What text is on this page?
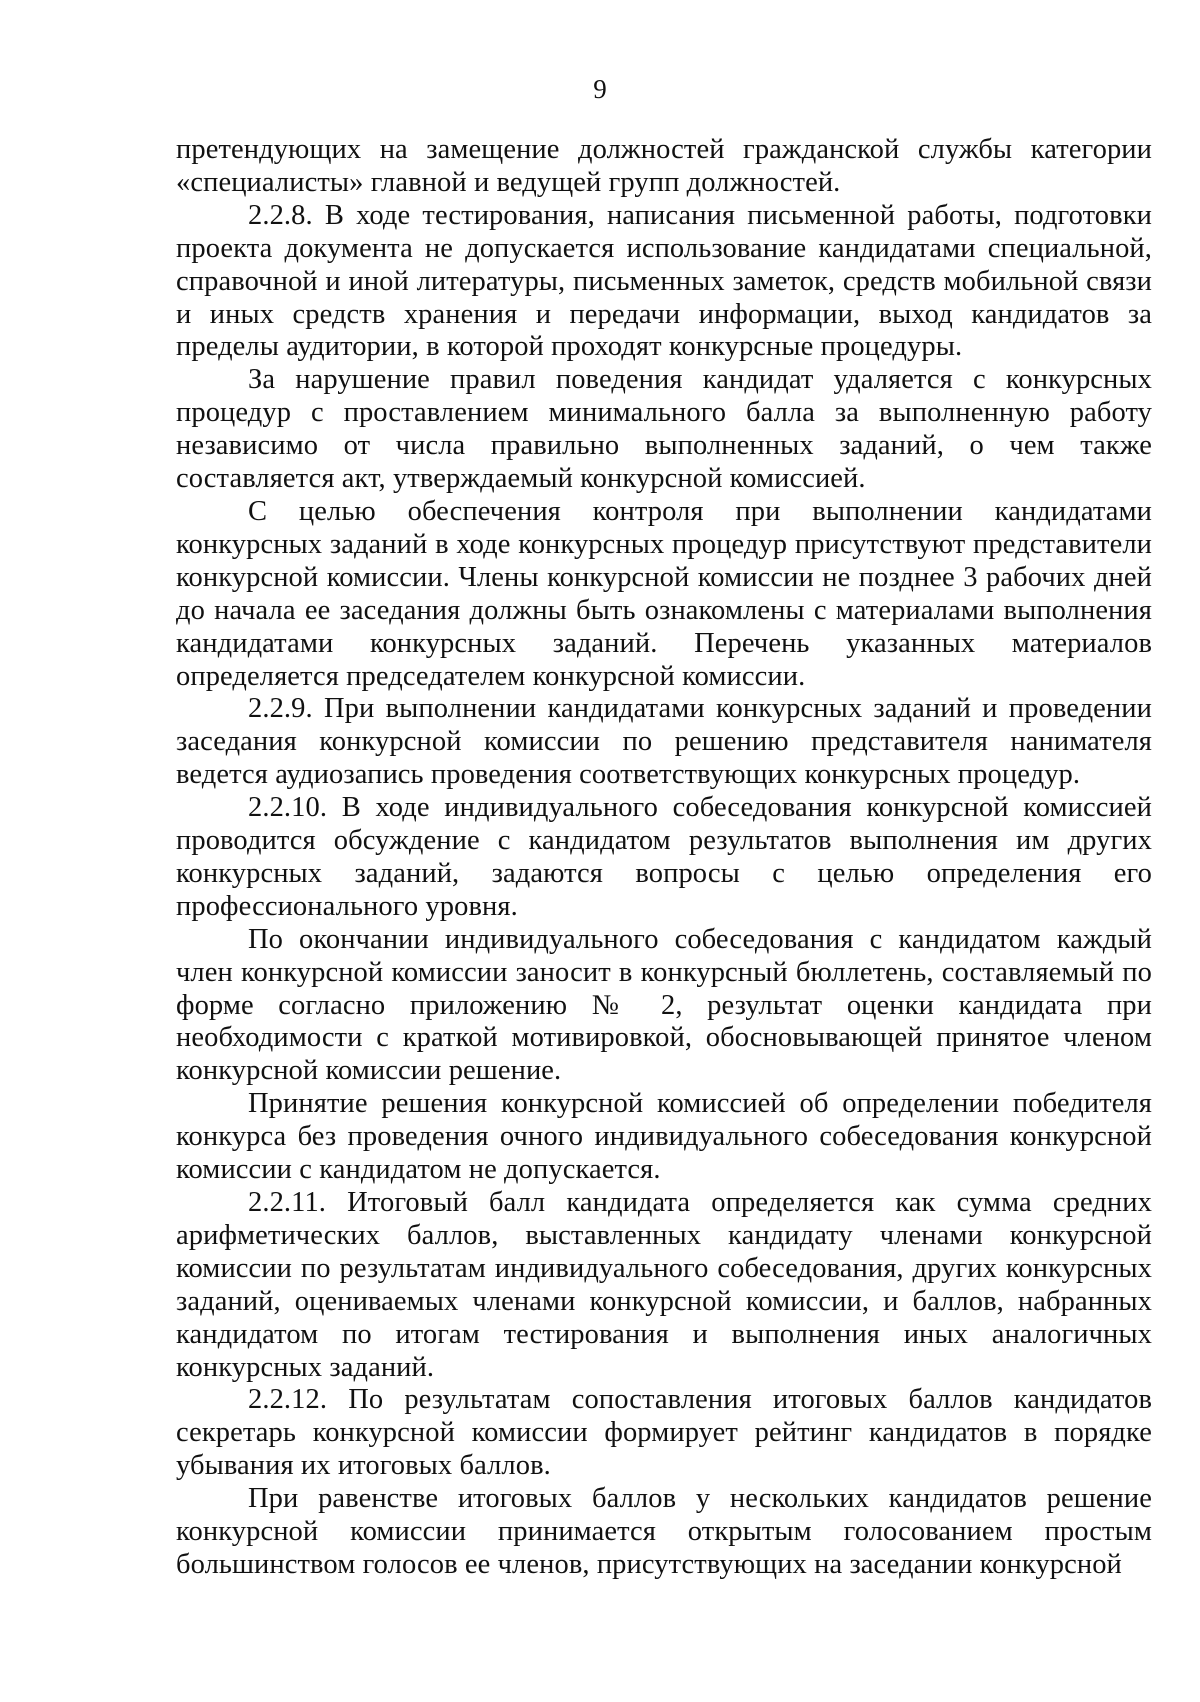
9

претендующих на замещение должностей гражданской службы категории «специалисты» главной и ведущей групп должностей.

2.2.8. В ходе тестирования, написания письменной работы, подготовки проекта документа не допускается использование кандидатами специальной, справочной и иной литературы, письменных заметок, средств мобильной связи и иных средств хранения и передачи информации, выход кандидатов за пределы аудитории, в которой проходят конкурсные процедуры.

За нарушение правил поведения кандидат удаляется с конкурсных процедур с проставлением минимального балла за выполненную работу независимо от числа правильно выполненных заданий, о чем также составляется акт, утверждаемый конкурсной комиссией.

С целью обеспечения контроля при выполнении кандидатами конкурсных заданий в ходе конкурсных процедур присутствуют представители конкурсной комиссии. Члены конкурсной комиссии не позднее 3 рабочих дней до начала ее заседания должны быть ознакомлены с материалами выполнения кандидатами конкурсных заданий. Перечень указанных материалов определяется председателем конкурсной комиссии.

2.2.9. При выполнении кандидатами конкурсных заданий и проведении заседания конкурсной комиссии по решению представителя нанимателя ведется аудиозапись проведения соответствующих конкурсных процедур.

2.2.10. В ходе индивидуального собеседования конкурсной комиссией проводится обсуждение с кандидатом результатов выполнения им других конкурсных заданий, задаются вопросы с целью определения его профессионального уровня.

По окончании индивидуального собеседования с кандидатом каждый член конкурсной комиссии заносит в конкурсный бюллетень, составляемый по форме согласно приложению № 2, результат оценки кандидата при необходимости с краткой мотивировкой, обосновывающей принятое членом конкурсной комиссии решение.

Принятие решения конкурсной комиссией об определении победителя конкурса без проведения очного индивидуального собеседования конкурсной комиссии с кандидатом не допускается.

2.2.11. Итоговый балл кандидата определяется как сумма средних арифметических баллов, выставленных кандидату членами конкурсной комиссии по результатам индивидуального собеседования, других конкурсных заданий, оцениваемых членами конкурсной комиссии, и баллов, набранных кандидатом по итогам тестирования и выполнения иных аналогичных конкурсных заданий.

2.2.12. По результатам сопоставления итоговых баллов кандидатов секретарь конкурсной комиссии формирует рейтинг кандидатов в порядке убывания их итоговых баллов.

При равенстве итоговых баллов у нескольких кандидатов решение конкурсной комиссии принимается открытым голосованием простым большинством голосов ее членов, присутствующих на заседании конкурсной
